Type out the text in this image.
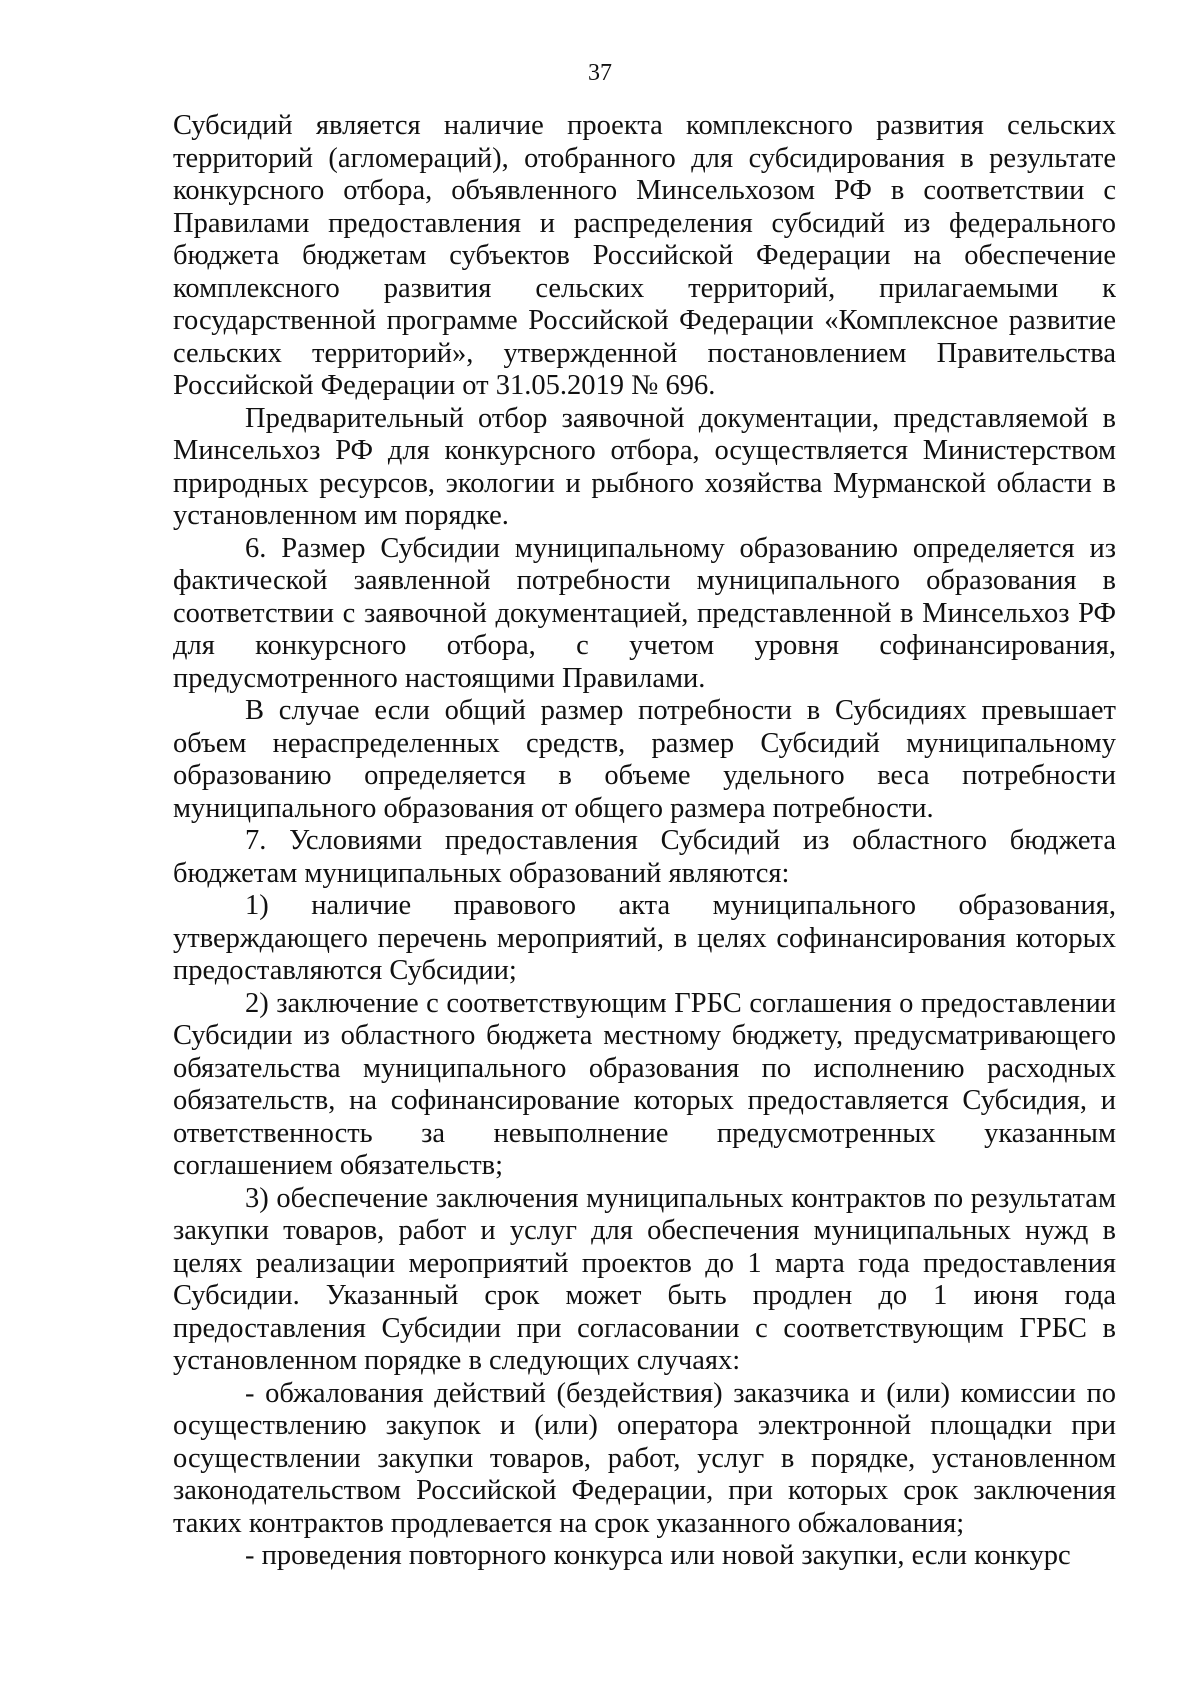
37

Субсидий является наличие проекта комплексного развития сельских территорий (агломераций), отобранного для субсидирования в результате конкурсного отбора, объявленного Минсельхозом РФ в соответствии с Правилами предоставления и распределения субсидий из федерального бюджета бюджетам субъектов Российской Федерации на обеспечение комплексного развития сельских территорий, прилагаемыми к государственной программе Российской Федерации «Комплексное развитие сельских территорий», утвержденной постановлением Правительства Российской Федерации от 31.05.2019 № 696.

Предварительный отбор заявочной документации, представляемой в Минсельхоз РФ для конкурсного отбора, осуществляется Министерством природных ресурсов, экологии и рыбного хозяйства Мурманской области в установленном им порядке.

6. Размер Субсидии муниципальному образованию определяется из фактической заявленной потребности муниципального образования в соответствии с заявочной документацией, представленной в Минсельхоз РФ для конкурсного отбора, с учетом уровня софинансирования, предусмотренного настоящими Правилами.

В случае если общий размер потребности в Субсидиях превышает объем нераспределенных средств, размер Субсидий муниципальному образованию определяется в объеме удельного веса потребности муниципального образования от общего размера потребности.

7. Условиями предоставления Субсидий из областного бюджета бюджетам муниципальных образований являются:

1) наличие правового акта муниципального образования, утверждающего перечень мероприятий, в целях софинансирования которых предоставляются Субсидии;

2) заключение с соответствующим ГРБС соглашения о предоставлении Субсидии из областного бюджета местному бюджету, предусматривающего обязательства муниципального образования по исполнению расходных обязательств, на софинансирование которых предоставляется Субсидия, и ответственность за невыполнение предусмотренных указанным соглашением обязательств;

3) обеспечение заключения муниципальных контрактов по результатам закупки товаров, работ и услуг для обеспечения муниципальных нужд в целях реализации мероприятий проектов до 1 марта года предоставления Субсидии. Указанный срок может быть продлен до 1 июня года предоставления Субсидии при согласовании с соответствующим ГРБС в установленном порядке в следующих случаях:

- обжалования действий (бездействия) заказчика и (или) комиссии по осуществлению закупок и (или) оператора электронной площадки при осуществлении закупки товаров, работ, услуг в порядке, установленном законодательством Российской Федерации, при которых срок заключения таких контрактов продлевается на срок указанного обжалования;

- проведения повторного конкурса или новой закупки, если конкурс
